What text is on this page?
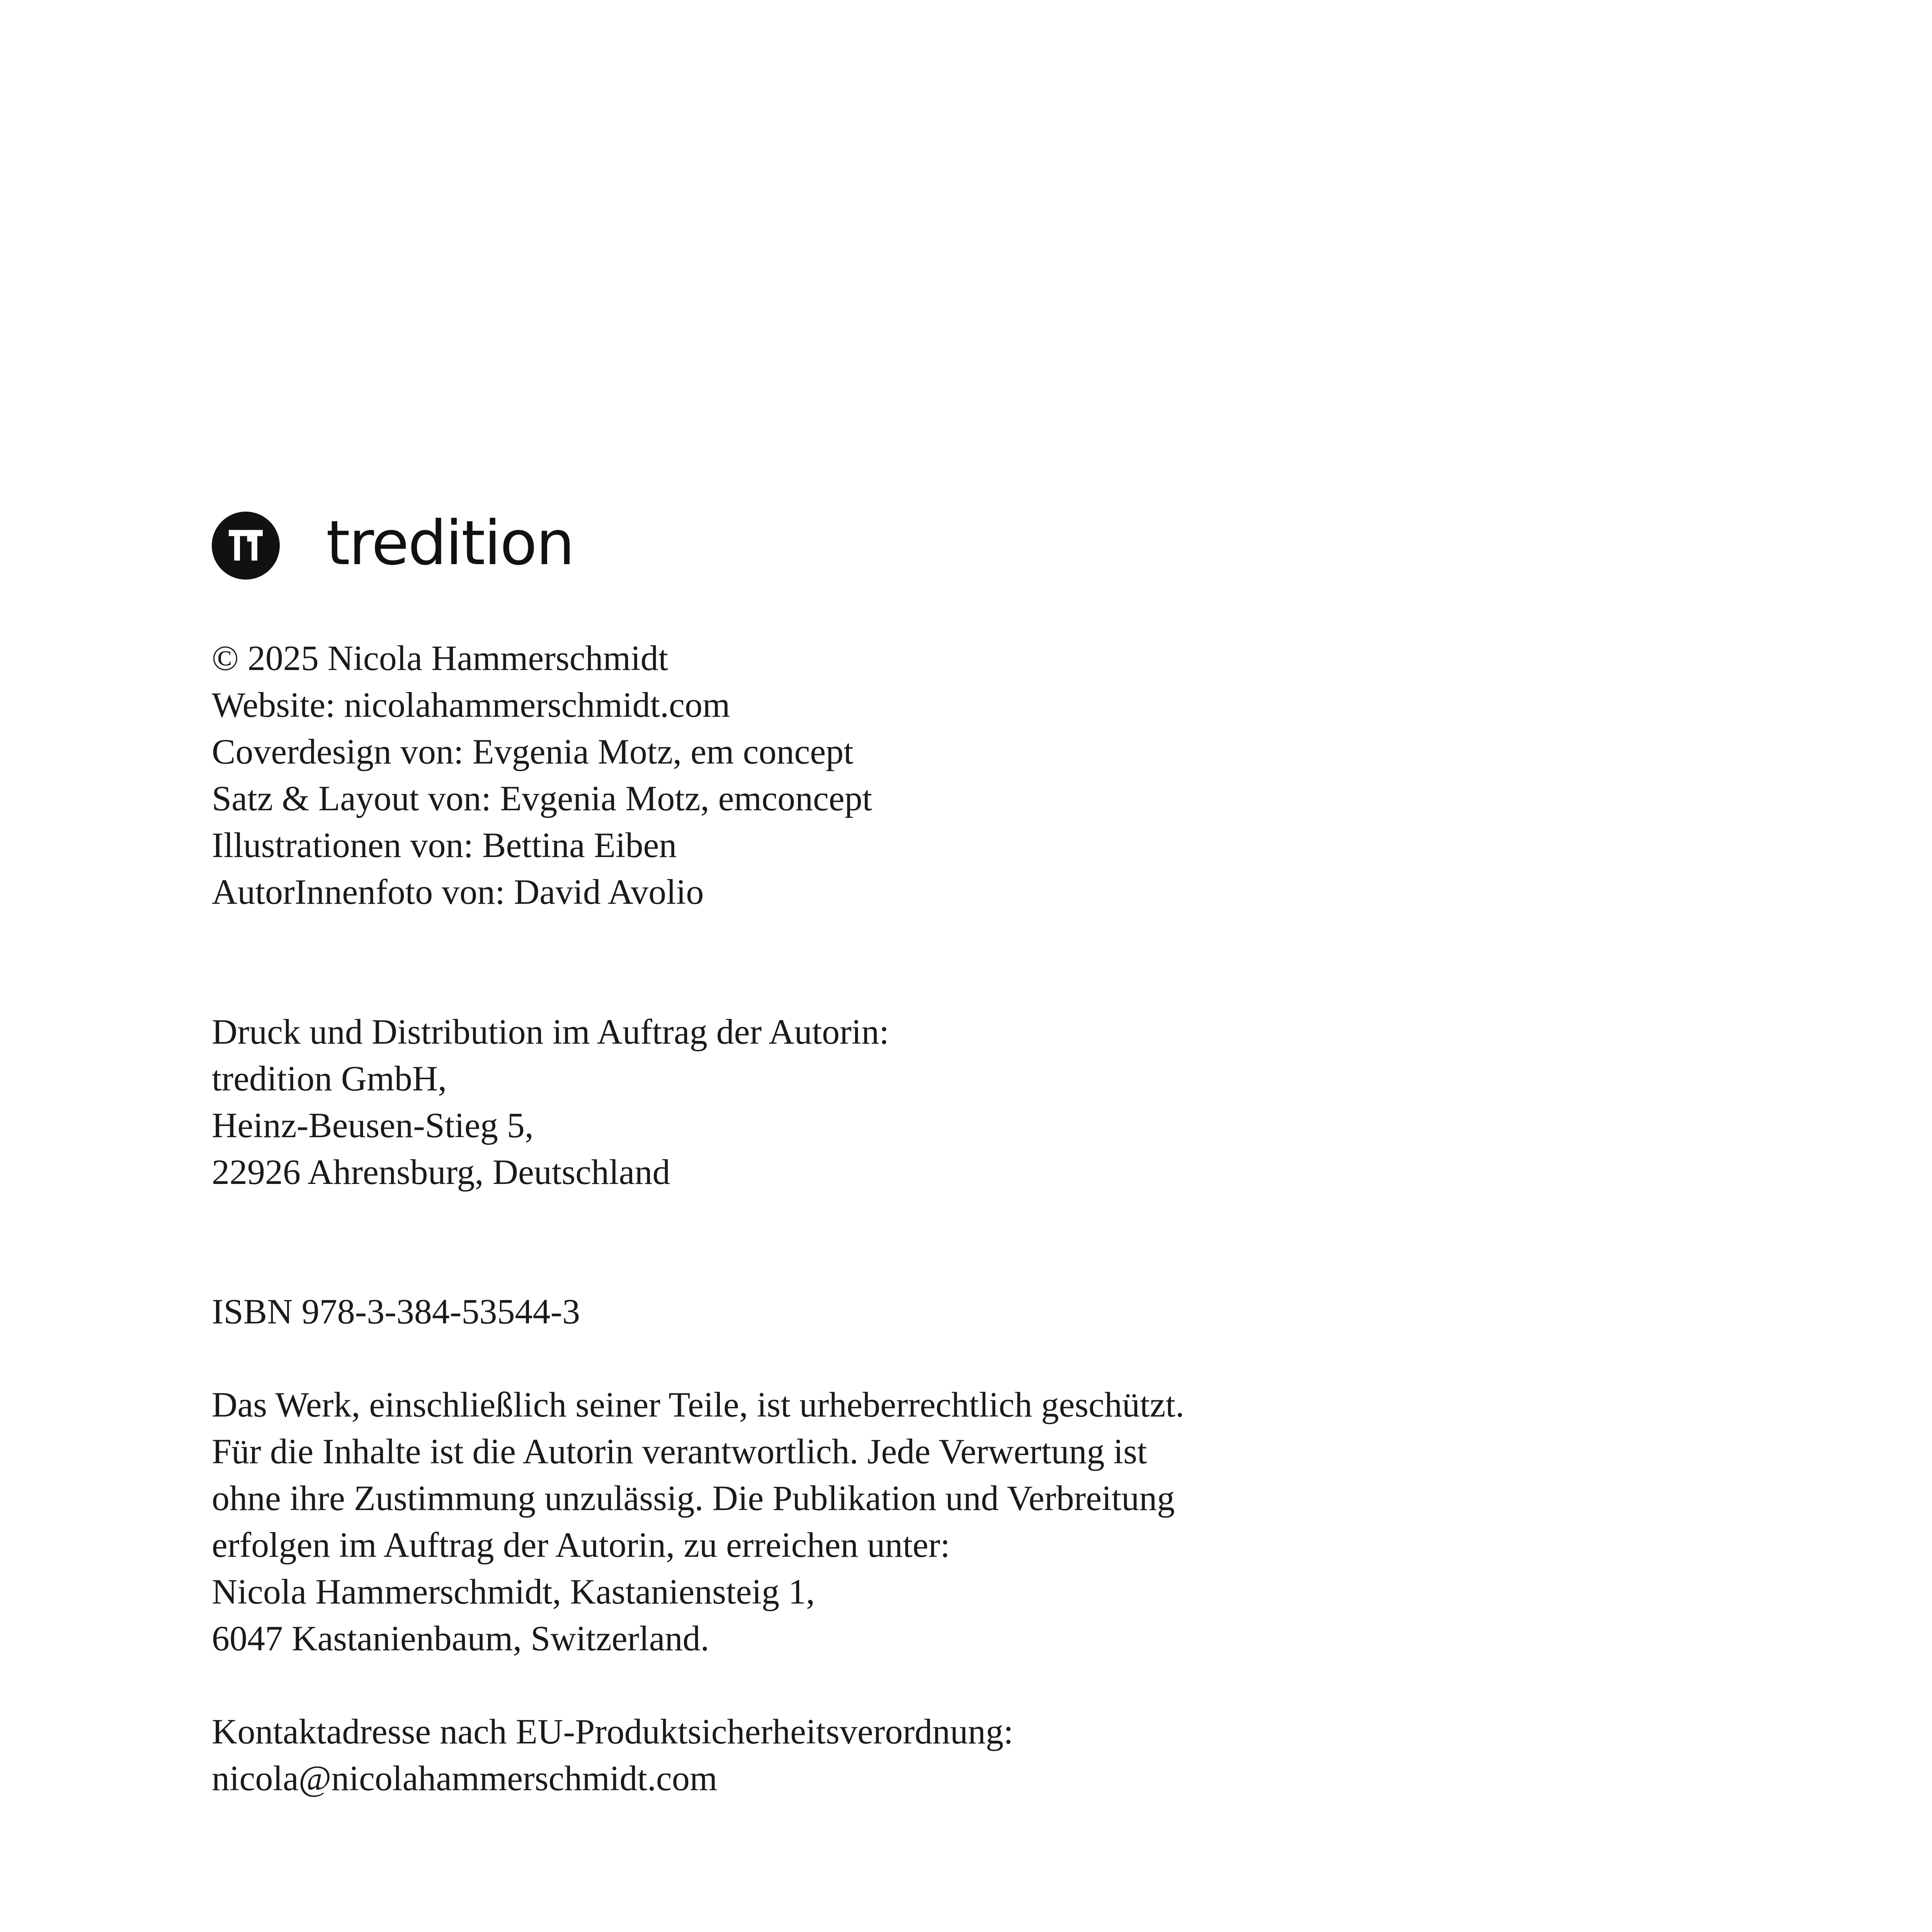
tredition
© 2025 Nicola Hammerschmidt
Website: nicolahammerschmidt.com
Coverdesign von: Evgenia Motz, em concept
Satz & Layout von: Evgenia Motz, emconcept
Illustrationen von: Bettina Eiben
AutorInnenfoto von: David Avolio
Druck und Distribution im Auftrag der Autorin:
tredition GmbH,
Heinz-Beusen-Stieg 5,
22926 Ahrensburg, Deutschland
ISBN 978-3-384-53544-3
Das Werk, einschließlich seiner Teile, ist urheberrechtlich geschützt.
Für die Inhalte ist die Autorin verantwortlich. Jede Verwertung ist
ohne ihre Zustimmung unzulässig. Die Publikation und Verbreitung
erfolgen im Auftrag der Autorin, zu erreichen unter:
Nicola Hammerschmidt, Kastaniensteig 1,
6047 Kastanienbaum, Switzerland.
Kontaktadresse nach EU-Produktsicherheitsverordnung:
nicola@nicolahammerschmidt.com
